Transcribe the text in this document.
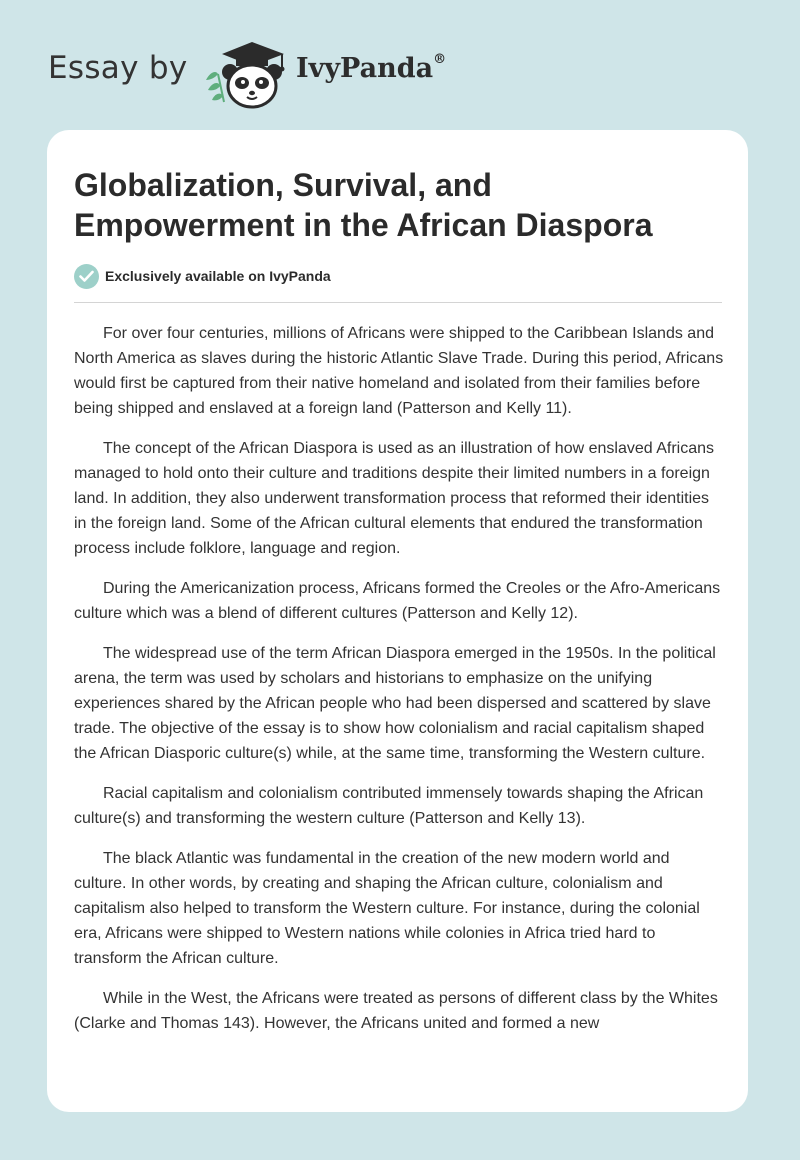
Essay by	IvyPanda®
Globalization, Survival, and Empowerment in the African Diaspora
Exclusively available on IvyPanda

For over four centuries, millions of Africans were shipped to the Caribbean Islands and North America as slaves during the historic Atlantic Slave Trade. During this period, Africans would first be captured from their native homeland and isolated from their families before being shipped and enslaved at a foreign land (Patterson and Kelly 11).

The concept of the African Diaspora is used as an illustration of how enslaved Africans managed to hold onto their culture and traditions despite their limited numbers in a foreign land. In addition, they also underwent transformation process that reformed their identities in the foreign land. Some of the African cultural elements that endured the transformation process include folklore, language and region.

During the Americanization process, Africans formed the Creoles or the Afro-Americans culture which was a blend of different cultures (Patterson and Kelly 12).

The widespread use of the term African Diaspora emerged in the 1950s. In the political arena, the term was used by scholars and historians to emphasize on the unifying experiences shared by the African people who had been dispersed and scattered by slave trade. The objective of the essay is to show how colonialism and racial capitalism shaped the African Diasporic culture(s) while, at the same time, transforming the Western culture.

Racial capitalism and colonialism contributed immensely towards shaping the African culture(s) and transforming the western culture (Patterson and Kelly 13).

The black Atlantic was fundamental in the creation of the new modern world and culture. In other words, by creating and shaping the African culture, colonialism and capitalism also helped to transform the Western culture. For instance, during the colonial era, Africans were shipped to Western nations while colonies in Africa tried hard to transform the African culture.

While in the West, the Africans were treated as persons of different class by the Whites (Clarke and Thomas 143). However, the Africans united and formed a new
